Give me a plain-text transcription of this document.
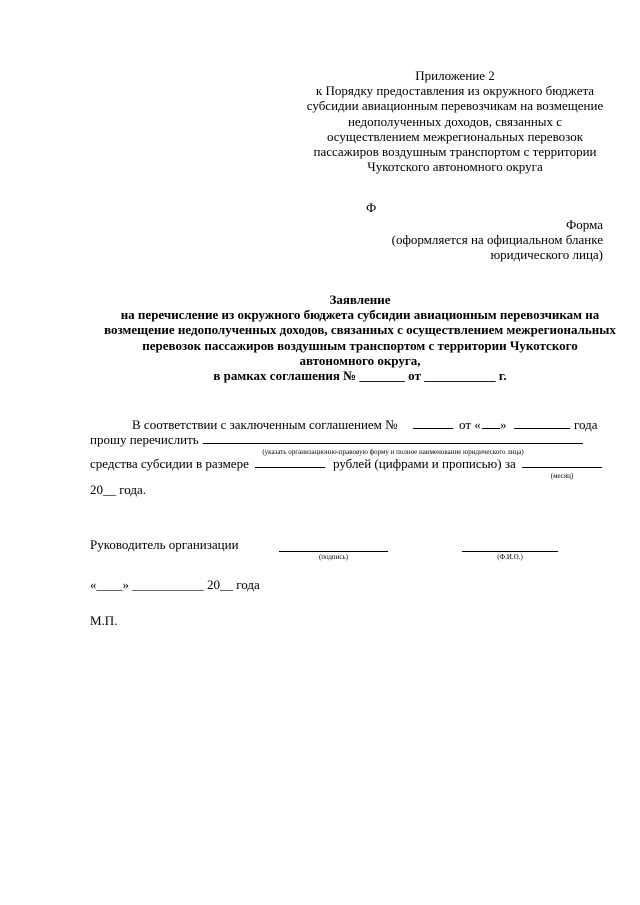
Приложение 2
к Порядку предоставления из окружного бюджета
субсидии авиационным перевозчикам на возмещение
недополученных доходов, связанных с
осуществлением межрегиональных перевозок
пассажиров воздушным транспортом с территории
Чукотского автономного округа
Ф
Форма
(оформляется на официальном бланке
юридического лица)
Заявление
на перечисление из окружного бюджета субсидии авиационным перевозчикам на
возмещение недополученных доходов, связанных с осуществлением межрегиональных
перевозок пассажиров воздушным транспортом с территории Чукотского
автономного округа,
в рамках соглашения № _______ от ___________ г.
В соответствии с заключенным соглашением №	от « »	года
прошу перечислить
(указать организационно-правовую форму и полное наименование юридического лица)
средства субсидии в размере	рублей (цифрами и прописью) за
(месяц)
20__ года.
Руководитель организации
(подпись)	(Ф.И.О.)
«____» ___________ 20__ года
М.П.
